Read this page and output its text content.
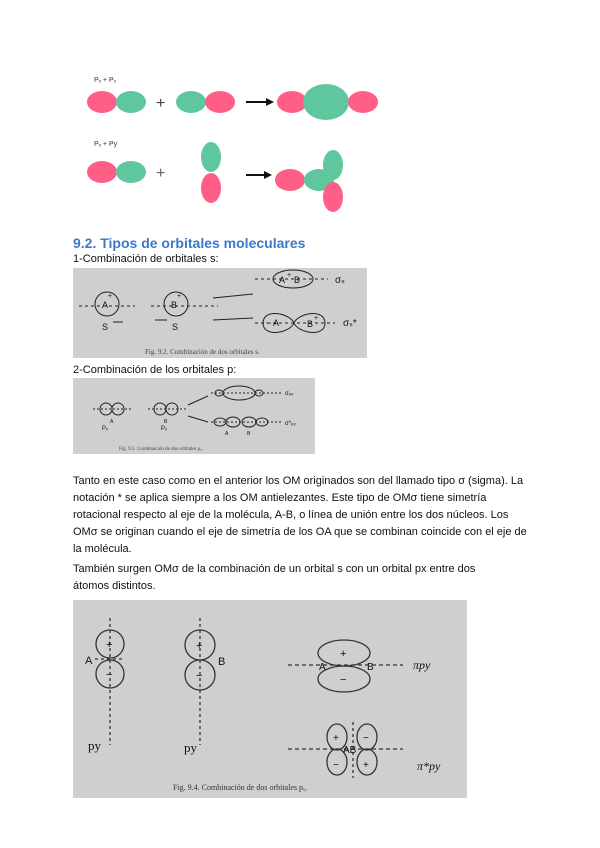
Pₓ + Pₓ
+
Pₓ + Py
+
9.2. Tipos de orbitales moleculares
1-Combinación de orbitales s:
A
+
B
+
S	S
A + B
− A	B
+
σₛ
σₛ*
Fig. 9.2. Combinación de dos orbitales s.
2-Combinación de los orbitales p:
A	B
Pₓ	Pₓ
A	B
σₚₓ
σ*ₚₓ
Fig. 9.3. Combinación de dos orbitales pₓ.
Tanto en este caso como en el anterior los OM originados son del llamado tipo σ (sigma). La notación * se aplica siempre a los OM antielezantes. Este tipo de OMσ tiene simetría rotacional respecto al eje de la molécula, A-B, o línea de unión entre los dos núcleos. Los OMσ se originan cuando el eje de simetría de los OA que se combinan coincide con el eje de la molécula.
También surgen OMσ de la combinación de un orbital s con un orbital px entre dos átomos distintos.
+
−
A
py
+
−
B
py
+
−
A	B	πpy
+ −
− +
AB
π*py
Fig. 9.4. Combinación de dos orbitales pᵧ.
